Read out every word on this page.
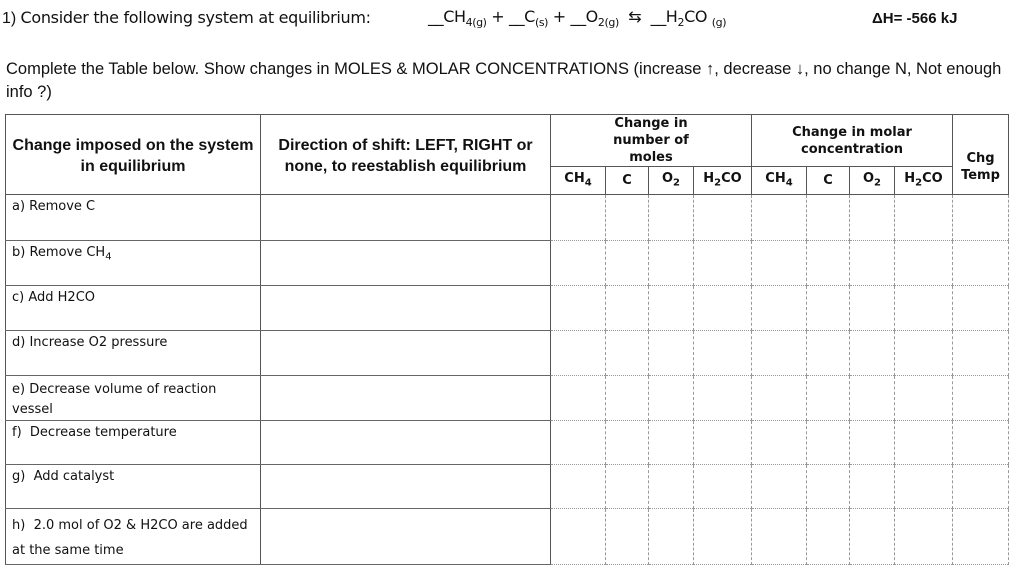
1) Consider the following system at equilibrium:	$\_\_CH_{4(g)}$ + $\_\_C_{(s)}$ + $\_\_O_{2(g)}$ ⇆ $\_\_H_2CO$ $_{(g)}$	ΔH= -566 kJ
Complete the Table below. Show changes in MOLES & MOLAR CONCENTRATIONS (increase ↑, decrease ↓, no change N, Not enough info ?)
Change imposed on the system in equilibrium	Direction of shift: LEFT, RIGHT or none, to reestablish equilibrium	Change in number of moles				Change in molar concentration				Chg
		$CH_4$	C	$O_2$	$H_2CO$	$CH_4$	C	$O_2$	$H_2CO$	Temp
a) Remove C										
b) Remove $CH_4$										
c) Add H2CO										
d) Increase O2 pressure										
e) Decrease volume of reaction vessel										
f) Decrease temperature										
g) Add catalyst										
h) 2.0 mol of O2 & H2CO are added at the same time										
